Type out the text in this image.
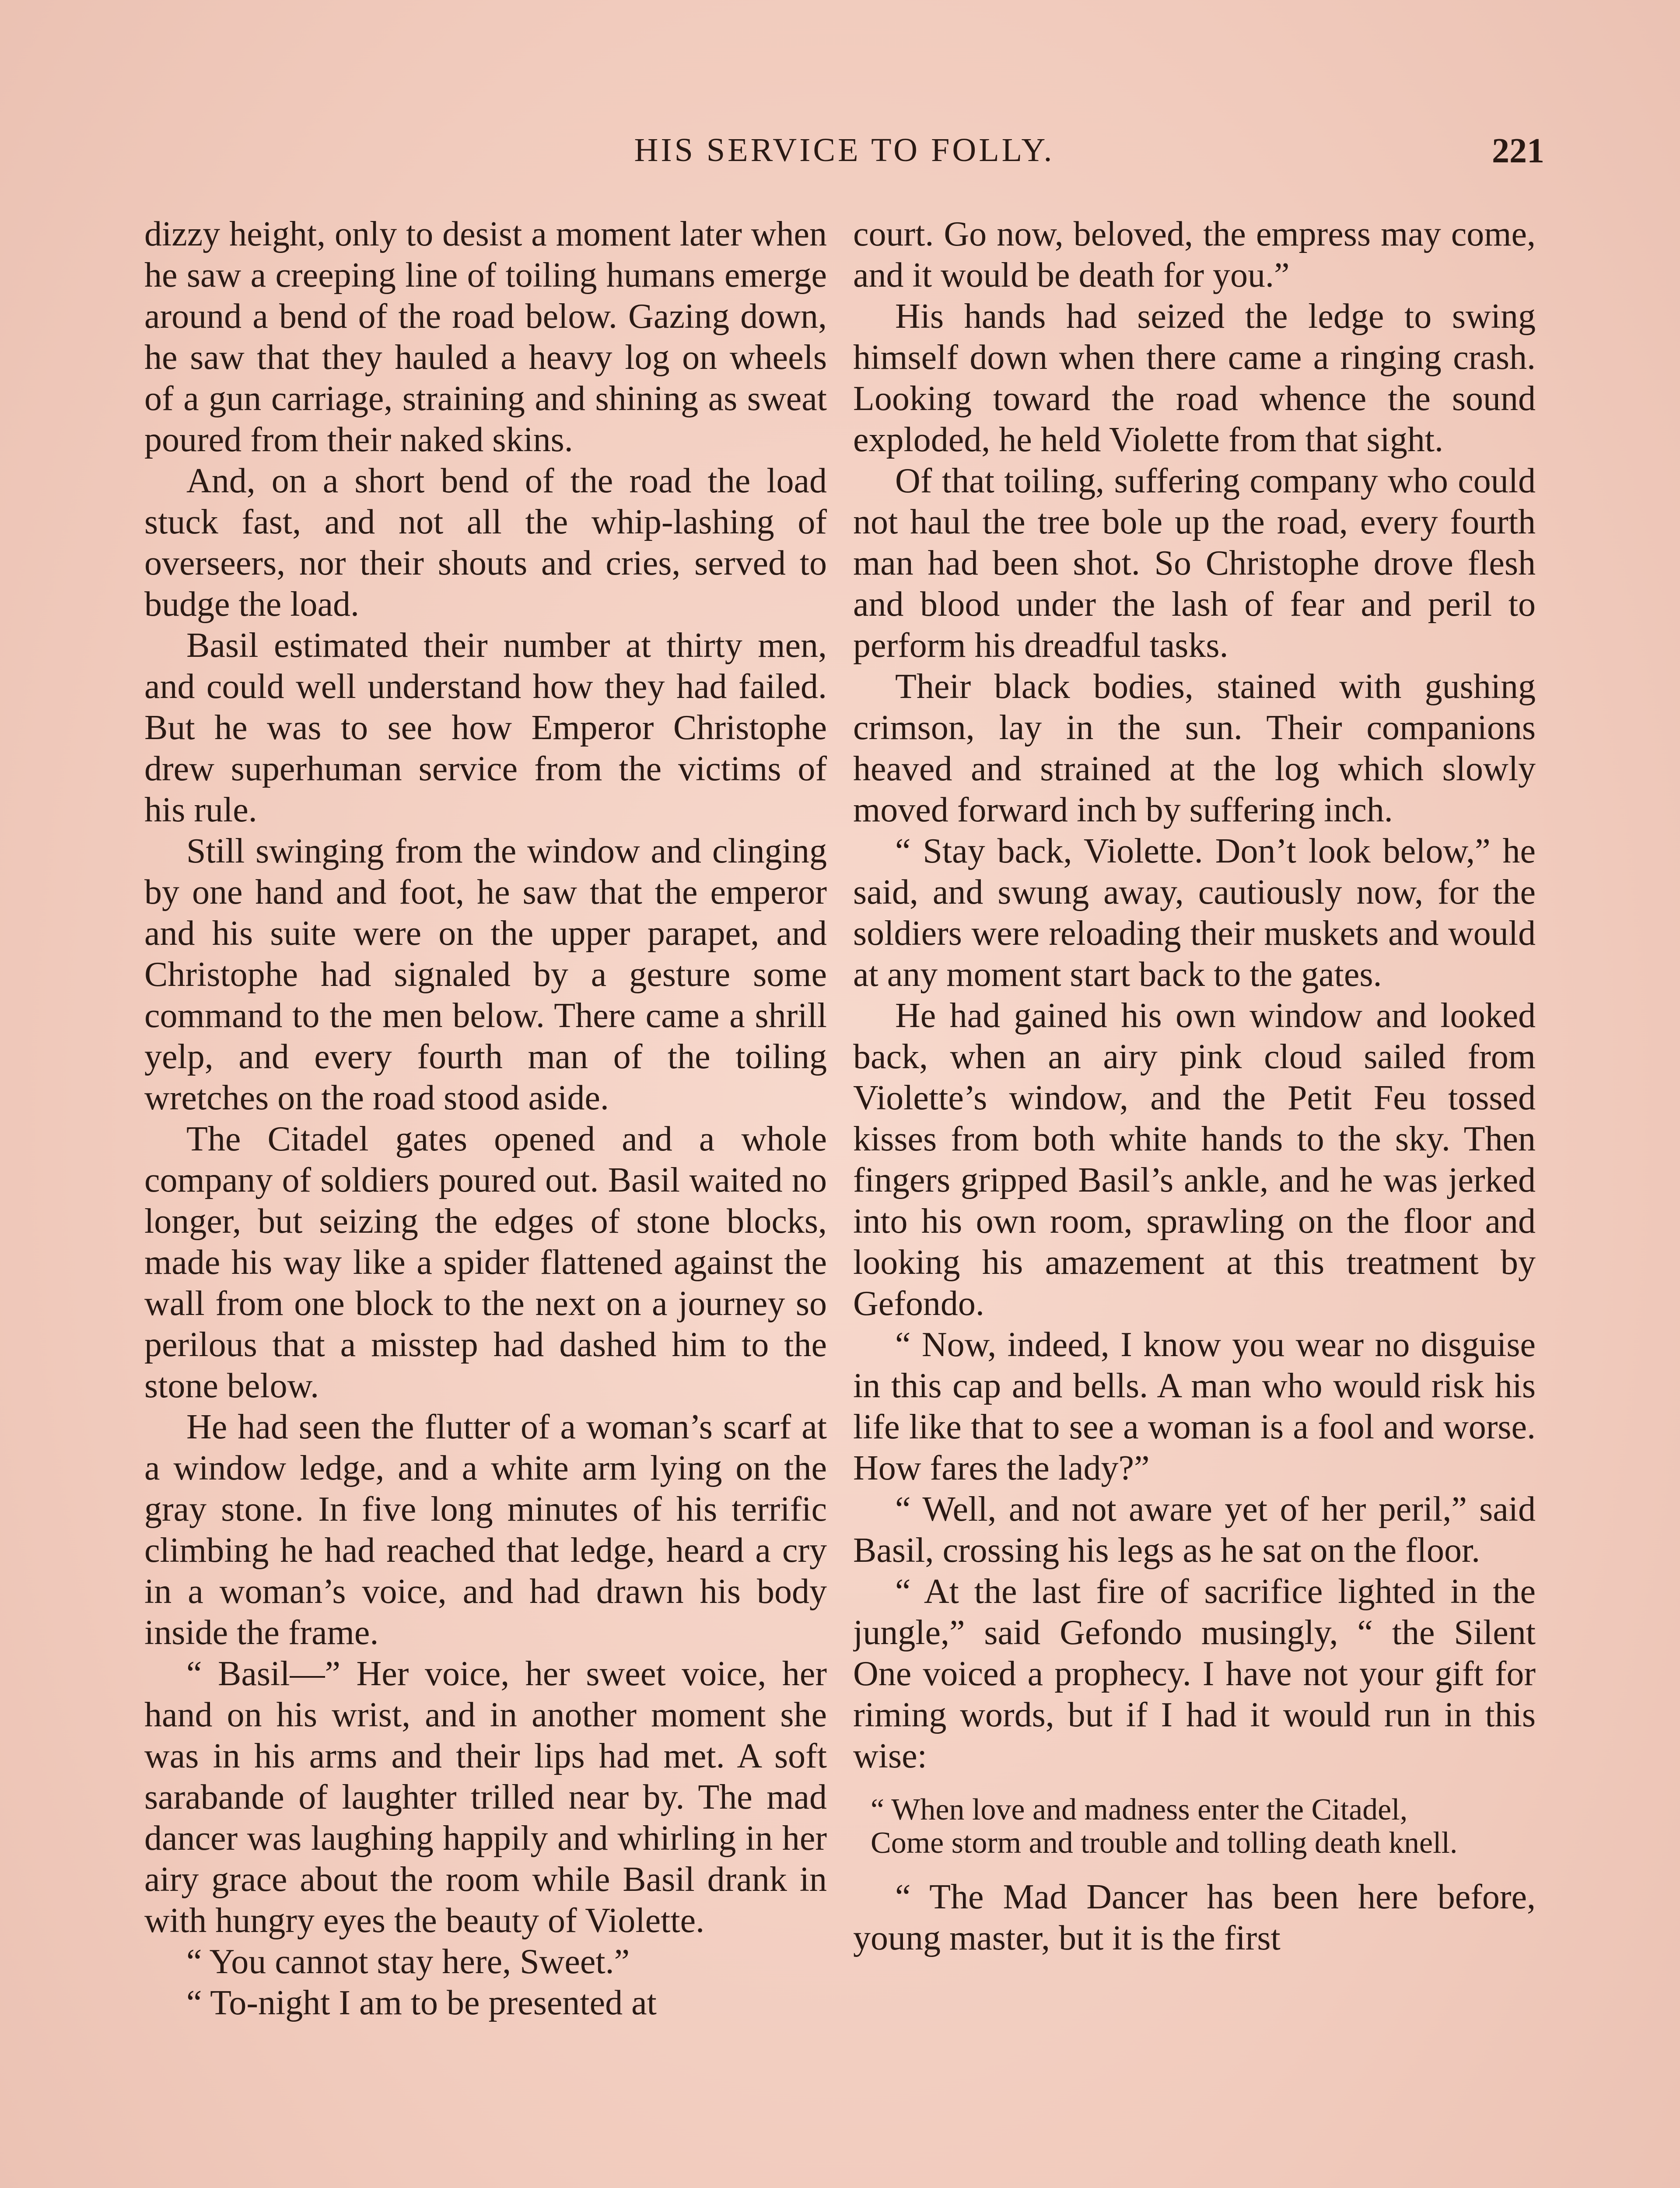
HIS SERVICE TO FOLLY.	221

dizzy height, only to desist a moment later when he saw a creeping line of toiling humans emerge around a bend of the road below. Gazing down, he saw that they hauled a heavy log on wheels of a gun carriage, straining and shining as sweat poured from their naked skins.

And, on a short bend of the road the load stuck fast, and not all the whip-lashing of overseers, nor their shouts and cries, served to budge the load.

Basil estimated their number at thirty men, and could well understand how they had failed. But he was to see how Emperor Christophe drew superhuman service from the victims of his rule.

Still swinging from the window and clinging by one hand and foot, he saw that the emperor and his suite were on the upper parapet, and Christophe had signaled by a gesture some command to the men below. There came a shrill yelp, and every fourth man of the toiling wretches on the road stood aside.

The Citadel gates opened and a whole company of soldiers poured out. Basil waited no longer, but seizing the edges of stone blocks, made his way like a spider flattened against the wall from one block to the next on a journey so perilous that a misstep had dashed him to the stone below.

He had seen the flutter of a woman’s scarf at a window ledge, and a white arm lying on the gray stone. In five long minutes of his terrific climbing he had reached that ledge, heard a cry in a woman’s voice, and had drawn his body inside the frame.

“ Basil—” Her voice, her sweet voice, her hand on his wrist, and in another moment she was in his arms and their lips had met. A soft sarabande of laughter trilled near by. The mad dancer was laughing happily and whirling in her airy grace about the room while Basil drank in with hungry eyes the beauty of Violette.

“ You cannot stay here, Sweet.”

“ To-night I am to be presented at

court. Go now, beloved, the empress may come, and it would be death for you.”

His hands had seized the ledge to swing himself down when there came a ringing crash. Looking toward the road whence the sound exploded, he held Violette from that sight.

Of that toiling, suffering company who could not haul the tree bole up the road, every fourth man had been shot. So Christophe drove flesh and blood under the lash of fear and peril to perform his dreadful tasks.

Their black bodies, stained with gushing crimson, lay in the sun. Their companions heaved and strained at the log which slowly moved forward inch by suffering inch.

“ Stay back, Violette. Don’t look below,” he said, and swung away, cautiously now, for the soldiers were reloading their muskets and would at any moment start back to the gates.

He had gained his own window and looked back, when an airy pink cloud sailed from Violette’s window, and the Petit Feu tossed kisses from both white hands to the sky. Then fingers gripped Basil’s ankle, and he was jerked into his own room, sprawling on the floor and looking his amazement at this treatment by Gefondo.

“ Now, indeed, I know you wear no disguise in this cap and bells. A man who would risk his life like that to see a woman is a fool and worse. How fares the lady?”

“ Well, and not aware yet of her peril,” said Basil, crossing his legs as he sat on the floor.

“ At the last fire of sacrifice lighted in the jungle,” said Gefondo musingly, “ the Silent One voiced a prophecy. I have not your gift for riming words, but if I had it would run in this wise:

“ When love and madness enter the Citadel,
Come storm and trouble and tolling death knell.

“ The Mad Dancer has been here before, young master, but it is the first
